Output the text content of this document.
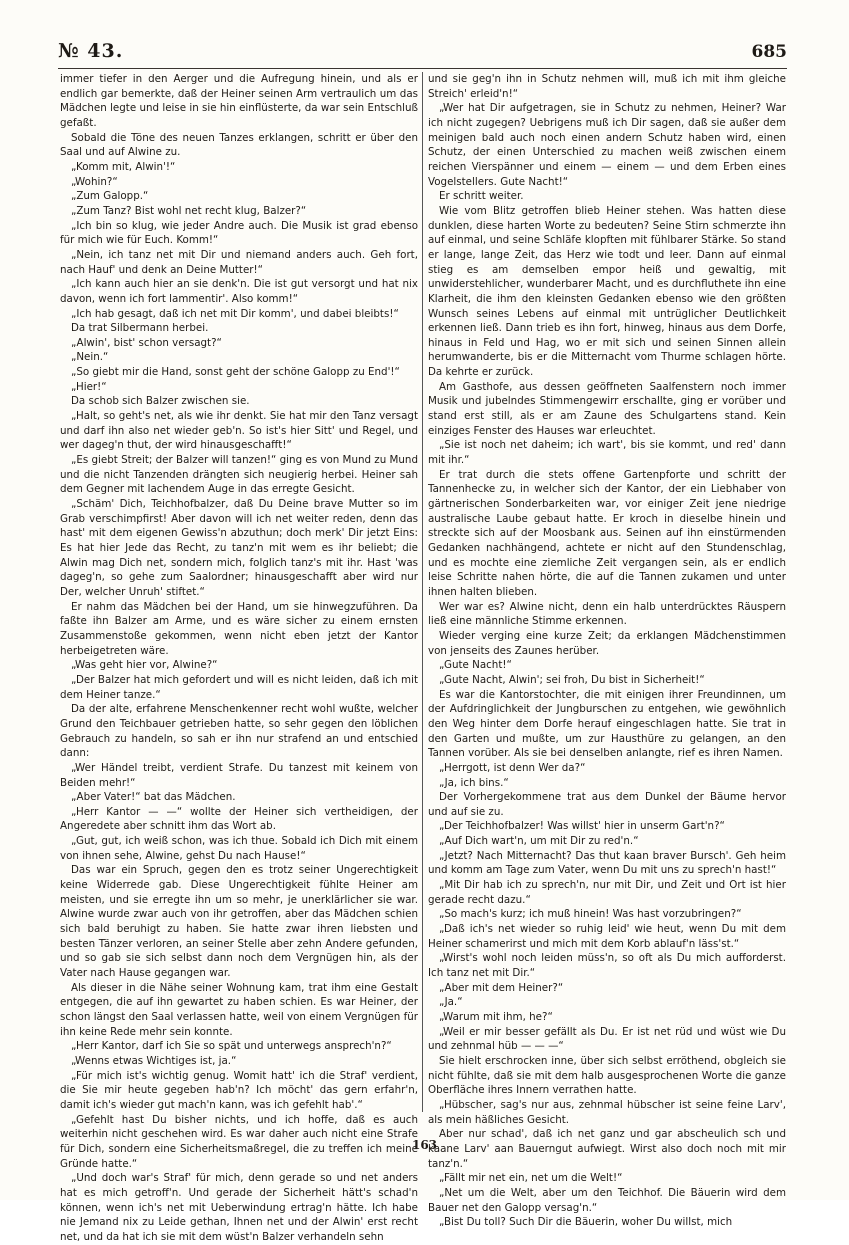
№ 43.	685

immer tiefer in den Aerger und die Aufregung hinein, und als er endlich gar bemerkte, daß der Heiner seinen Arm vertraulich um das Mädchen legte und leise in sie hin einflüsterte, da war sein Entschluß gefaßt.

Sobald die Töne des neuen Tanzes erklangen, schritt er über den Saal und auf Alwine zu.

„Komm mit, Alwin'!“

„Wohin?“

„Zum Galopp.“

„Zum Tanz? Bist wohl net recht klug, Balzer?“

„Ich bin so klug, wie jeder Andre auch. Die Musik ist grad ebenso für mich wie für Euch. Komm!“

„Nein, ich tanz net mit Dir und niemand anders auch. Geh fort, nach Hauf' und denk an Deine Mutter!“

„Ich kann auch hier an sie denk'n. Die ist gut versorgt und hat nix davon, wenn ich fort lammentir'. Also komm!“

„Ich hab gesagt, daß ich net mit Dir komm', und dabei bleibts!“

Da trat Silbermann herbei.

„Alwin', bist' schon versagt?“

„Nein.“

„So giebt mir die Hand, sonst geht der schöne Galopp zu End'!“

„Hier!“

Da schob sich Balzer zwischen sie.

„Halt, so geht's net, als wie ihr denkt. Sie hat mir den Tanz versagt und darf ihn also net wieder geb'n. So ist's hier Sitt' und Regel, und wer dageg'n thut, der wird hinausgeschafft!“

„Es giebt Streit; der Balzer will tanzen!“ ging es von Mund zu Mund und die nicht Tanzenden drängten sich neugierig herbei. Heiner sah dem Gegner mit lachendem Auge in das erregte Gesicht.

„Schäm' Dich, Teichhofbalzer, daß Du Deine brave Mutter so im Grab verschimpfirst! Aber davon will ich net weiter reden, denn das hast' mit dem eigenen Gewiss'n abzuthun; doch merk' Dir jetzt Eins: Es hat hier Jede das Recht, zu tanz'n mit wem es ihr beliebt; die Alwin mag Dich net, sondern mich, folglich tanz's mit ihr. Hast 'was dageg'n, so gehe zum Saalordner; hinausgeschafft aber wird nur Der, welcher Unruh' stiftet.“

Er nahm das Mädchen bei der Hand, um sie hinwegzuführen. Da faßte ihn Balzer am Arme, und es wäre sicher zu einem ernsten Zusammenstoße gekommen, wenn nicht eben jetzt der Kantor herbeigetreten wäre.

„Was geht hier vor, Alwine?“

„Der Balzer hat mich gefordert und will es nicht leiden, daß ich mit dem Heiner tanze.“

Da der alte, erfahrene Menschenkenner recht wohl wußte, welcher Grund den Teichbauer getrieben hatte, so sehr gegen den löblichen Gebrauch zu handeln, so sah er ihn nur strafend an und entschied dann:

„Wer Händel treibt, verdient Strafe. Du tanzest mit keinem von Beiden mehr!“

„Aber Vater!“ bat das Mädchen.

„Herr Kantor — —“ wollte der Heiner sich vertheidigen, der Angeredete aber schnitt ihm das Wort ab.

„Gut, gut, ich weiß schon, was ich thue. Sobald ich Dich mit einem von ihnen sehe, Alwine, gehst Du nach Hause!“

Das war ein Spruch, gegen den es trotz seiner Ungerechtigkeit keine Widerrede gab. Diese Ungerechtigkeit fühlte Heiner am meisten, und sie erregte ihn um so mehr, je unerklärlicher sie war. Alwine wurde zwar auch von ihr getroffen, aber das Mädchen schien sich bald beruhigt zu haben. Sie hatte zwar ihren liebsten und besten Tänzer verloren, an seiner Stelle aber zehn Andere gefunden, und so gab sie sich selbst dann noch dem Vergnügen hin, als der Vater nach Hause gegangen war.

Als dieser in die Nähe seiner Wohnung kam, trat ihm eine Gestalt entgegen, die auf ihn gewartet zu haben schien. Es war Heiner, der schon längst den Saal verlassen hatte, weil von einem Vergnügen für ihn keine Rede mehr sein konnte.

„Herr Kantor, darf ich Sie so spät und unterwegs ansprech'n?“

„Wenns etwas Wichtiges ist, ja.“

„Für mich ist's wichtig genug. Womit hatt' ich die Straf' verdient, die Sie mir heute gegeben hab'n? Ich möcht' das gern erfahr'n, damit ich's wieder gut mach'n kann, was ich gefehlt hab'.“

„Gefehlt hast Du bisher nichts, und ich hoffe, daß es auch weiterhin nicht geschehen wird. Es war daher auch nicht eine Strafe für Dich, sondern eine Sicherheitsmaßregel, die zu treffen ich meine Gründe hatte.“

„Und doch war's Straf' für mich, denn gerade so und net anders hat es mich getroff'n. Und gerade der Sicherheit hätt's schad'n können, wenn ich's net mit Ueberwindung ertrag'n hätte. Ich habe nie Jemand nix zu Leide gethan, Ihnen net und der Alwin' erst recht net, und da hat ich sie mit dem wüst'n Balzer verhandeln sehn

und sie geg'n ihn in Schutz nehmen will, muß ich mit ihm gleiche Streich' erleid'n!“

„Wer hat Dir aufgetragen, sie in Schutz zu nehmen, Heiner? War ich nicht zugegen? Uebrigens muß ich Dir sagen, daß sie außer dem meinigen bald auch noch einen andern Schutz haben wird, einen Schutz, der einen Unterschied zu machen weiß zwischen einem reichen Vierspänner und einem — einem — und dem Erben eines Vogelstellers. Gute Nacht!“

Er schritt weiter.

Wie vom Blitz getroffen blieb Heiner stehen. Was hatten diese dunklen, diese harten Worte zu bedeuten? Seine Stirn schmerzte ihn auf einmal, und seine Schläfe klopften mit fühlbarer Stärke. So stand er lange, lange Zeit, das Herz wie todt und leer. Dann auf einmal stieg es am demselben empor heiß und gewaltig, mit unwiderstehlicher, wunderbarer Macht, und es durchfluthete ihn eine Klarheit, die ihm den kleinsten Gedanken ebenso wie den größten Wunsch seines Lebens auf einmal mit untrüglicher Deutlichkeit erkennen ließ. Dann trieb es ihn fort, hinweg, hinaus aus dem Dorfe, hinaus in Feld und Hag, wo er mit sich und seinen Sinnen allein herumwanderte, bis er die Mitternacht vom Thurme schlagen hörte. Da kehrte er zurück.

Am Gasthofe, aus dessen geöffneten Saalfenstern noch immer Musik und jubelndes Stimmengewirr erschallte, ging er vorüber und stand erst still, als er am Zaune des Schulgartens stand. Kein einziges Fenster des Hauses war erleuchtet.

„Sie ist noch net daheim; ich wart', bis sie kommt, und red' dann mit ihr.“

Er trat durch die stets offene Gartenpforte und schritt der Tannenhecke zu, in welcher sich der Kantor, der ein Liebhaber von gärtnerischen Sonderbarkeiten war, vor einiger Zeit jene niedrige australische Laube gebaut hatte. Er kroch in dieselbe hinein und streckte sich auf der Moosbank aus. Seinen auf ihn einstürmenden Gedanken nachhängend, achtete er nicht auf den Stundenschlag, und es mochte eine ziemliche Zeit vergangen sein, als er endlich leise Schritte nahen hörte, die auf die Tannen zukamen und unter ihnen halten blieben.

Wer war es? Alwine nicht, denn ein halb unterdrücktes Räuspern ließ eine männliche Stimme erkennen.

Wieder verging eine kurze Zeit; da erklangen Mädchenstimmen von jenseits des Zaunes herüber.

„Gute Nacht!“

„Gute Nacht, Alwin'; sei froh, Du bist in Sicherheit!“

Es war die Kantorstochter, die mit einigen ihrer Freundinnen, um der Aufdringlichkeit der Jungburschen zu entgehen, wie gewöhnlich den Weg hinter dem Dorfe herauf eingeschlagen hatte. Sie trat in den Garten und mußte, um zur Hausthüre zu gelangen, an den Tannen vorüber. Als sie bei denselben anlangte, rief es ihren Namen.

„Herrgott, ist denn Wer da?“

„Ja, ich bins.“

Der Vorhergekommene trat aus dem Dunkel der Bäume hervor und auf sie zu.

„Der Teichhofbalzer! Was willst' hier in unserm Gart'n?“

„Auf Dich wart'n, um mit Dir zu red'n.“

„Jetzt? Nach Mitternacht? Das thut kaan braver Bursch'. Geh heim und komm am Tage zum Vater, wenn Du mit uns zu sprech'n hast!“

„Mit Dir hab ich zu sprech'n, nur mit Dir, und Zeit und Ort ist hier gerade recht dazu.“

„So mach's kurz; ich muß hinein! Was hast vorzubringen?“

„Daß ich's net wieder so ruhig leid' wie heut, wenn Du mit dem Heiner schamerirst und mich mit dem Korb ablauf'n läss'st.“

„Wirst's wohl noch leiden müss'n, so oft als Du mich aufforderst. Ich tanz net mit Dir.“

„Aber mit dem Heiner?“

„Ja.“

„Warum mit ihm, he?“

„Weil er mir besser gefällt als Du. Er ist net rüd und wüst wie Du und zehnmal hüb — — —“

Sie hielt erschrocken inne, über sich selbst erröthend, obgleich sie nicht fühlte, daß sie mit dem halb ausgesprochenen Worte die ganze Oberfläche ihres Innern verrathen hatte.

„Hübscher, sag's nur aus, zehnmal hübscher ist seine feine Larv', als mein häßliches Gesicht.

Aber nur schad', daß ich net ganz und gar abscheulich sch und kaane Larv' aan Bauerngut aufwiegt. Wirst also doch noch mit mir tanz'n.“

„Fällt mir net ein, net um die Welt!“

„Net um die Welt, aber um den Teichhof. Die Bäuerin wird dem Bauer net den Galopp versag'n.“

„Bist Du toll? Such Dir die Bäuerin, woher Du willst, mich

163
